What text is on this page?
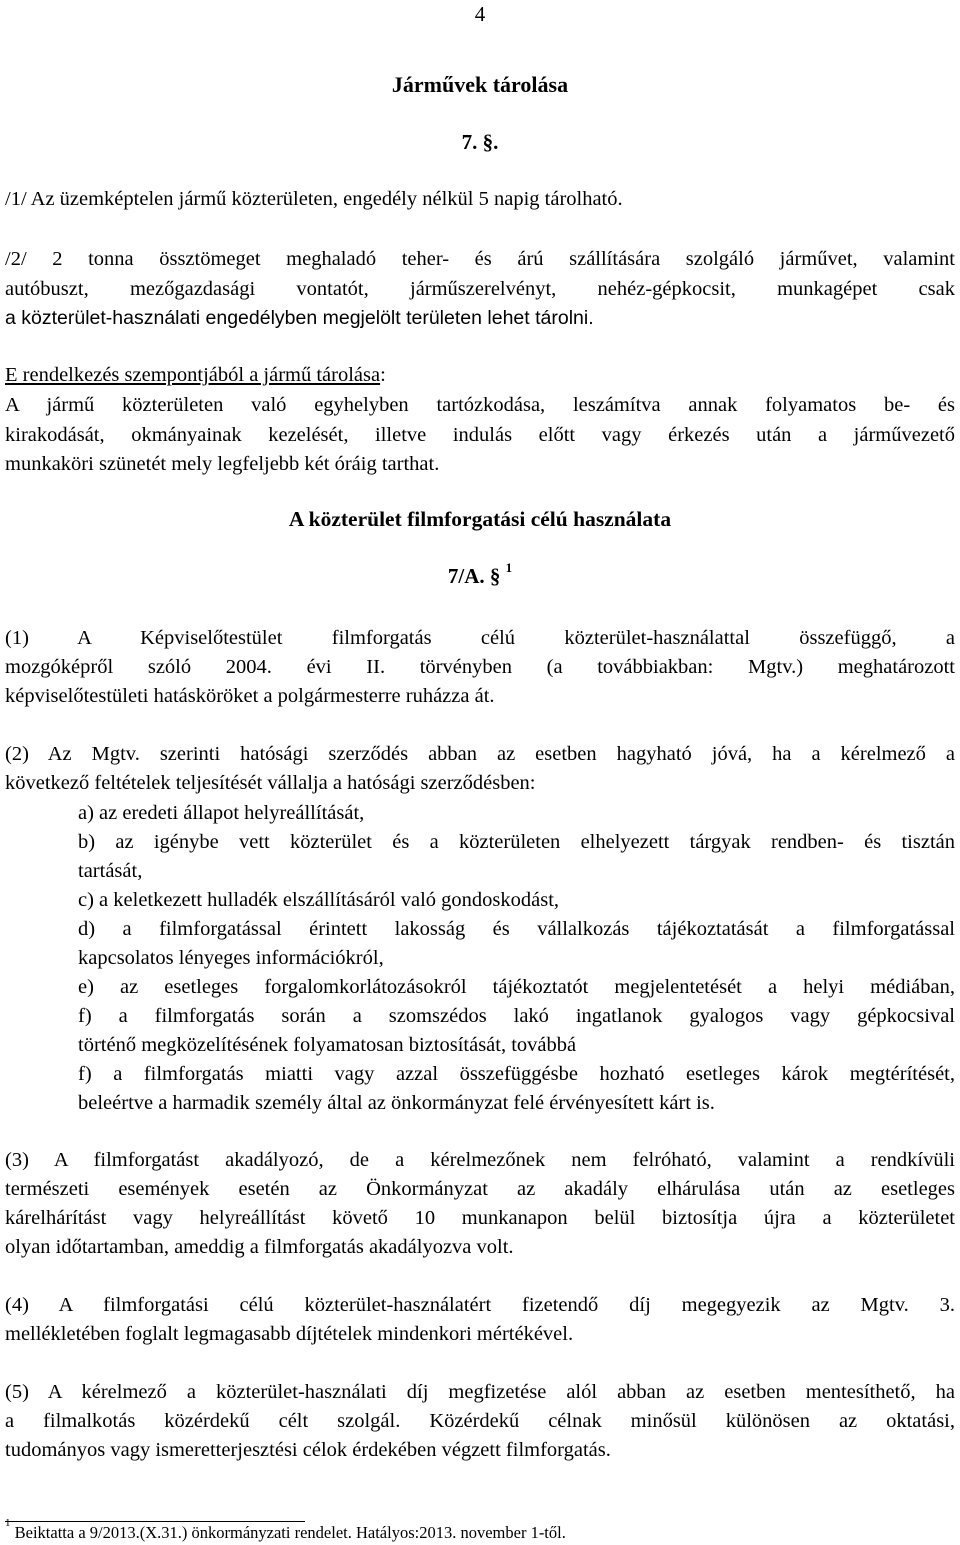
4
Járművek tárolása
7. §.
/1/ Az üzemképtelen jármű közterületen, engedély nélkül 5 napig tárolható.
/2/ 2 tonna össztömeget meghaladó teher- és árú szállítására szolgáló járművet, valamint
autóbuszt, mezőgazdasági vontatót, járműszerelvényt, nehéz-gépkocsit, munkagépet csak
a közterület-használati engedélyben megjelölt területen lehet tárolni.
E rendelkezés szempontjából a jármű tárolása:
A jármű közterületen való egyhelyben tartózkodása, leszámítva annak folyamatos be- és
kirakodását, okmányainak kezelését, illetve indulás előtt vagy érkezés után a járművezető
munkaköri szünetét mely legfeljebb két óráig tarthat.
A közterület filmforgatási célú használata
7/A. § $^1$
(1) A Képviselőtestület filmforgatás célú közterület-használattal összefüggő, a
mozgóképről szóló 2004. évi II. törvényben (a továbbiakban: Mgtv.) meghatározott
képviselőtestületi hatásköröket a polgármesterre ruházza át.
(2) Az Mgtv. szerinti hatósági szerződés abban az esetben hagyható jóvá, ha a kérelmező a
következő feltételek teljesítését vállalja a hatósági szerződésben:
a) az eredeti állapot helyreállítását,
b) az igénybe vett közterület és a közterületen elhelyezett tárgyak rendben- és tisztán
tartását,
c) a keletkezett hulladék elszállításáról való gondoskodást,
d) a filmforgatással érintett lakosság és vállalkozás tájékoztatását a filmforgatással
kapcsolatos lényeges információkról,
e) az esetleges forgalomkorlátozásokról tájékoztatót megjelentetését a helyi médiában,
f) a filmforgatás során a szomszédos lakó ingatlanok gyalogos vagy gépkocsival
történő megközelítésének folyamatosan biztosítását, továbbá
f) a filmforgatás miatti vagy azzal összefüggésbe hozható esetleges károk megtérítését,
beleértve a harmadik személy által az önkormányzat felé érvényesített kárt is.
(3) A filmforgatást akadályozó, de a kérelmezőnek nem felróható, valamint a rendkívüli
természeti események esetén az Önkormányzat az akadály elhárulása után az esetleges
kárelhárítást vagy helyreállítást követő 10 munkanapon belül biztosítja újra a közterületet
olyan időtartamban, ameddig a filmforgatás akadályozva volt.
(4) A filmforgatási célú közterület-használatért fizetendő díj megegyezik az Mgtv. 3.
mellékletében foglalt legmagasabb díjtételek mindenkori mértékével.
(5) A kérelmező a közterület-használati díj megfizetése alól abban az esetben mentesíthető, ha
a filmalkotás közérdekű célt szolgál. Közérdekű célnak minősül különösen az oktatási,
tudományos vagy ismeretterjesztési célok érdekében végzett filmforgatás.
$^1$ Beiktatta a 9/2013.(X.31.) önkormányzati rendelet. Hatályos:2013. november 1-től.
